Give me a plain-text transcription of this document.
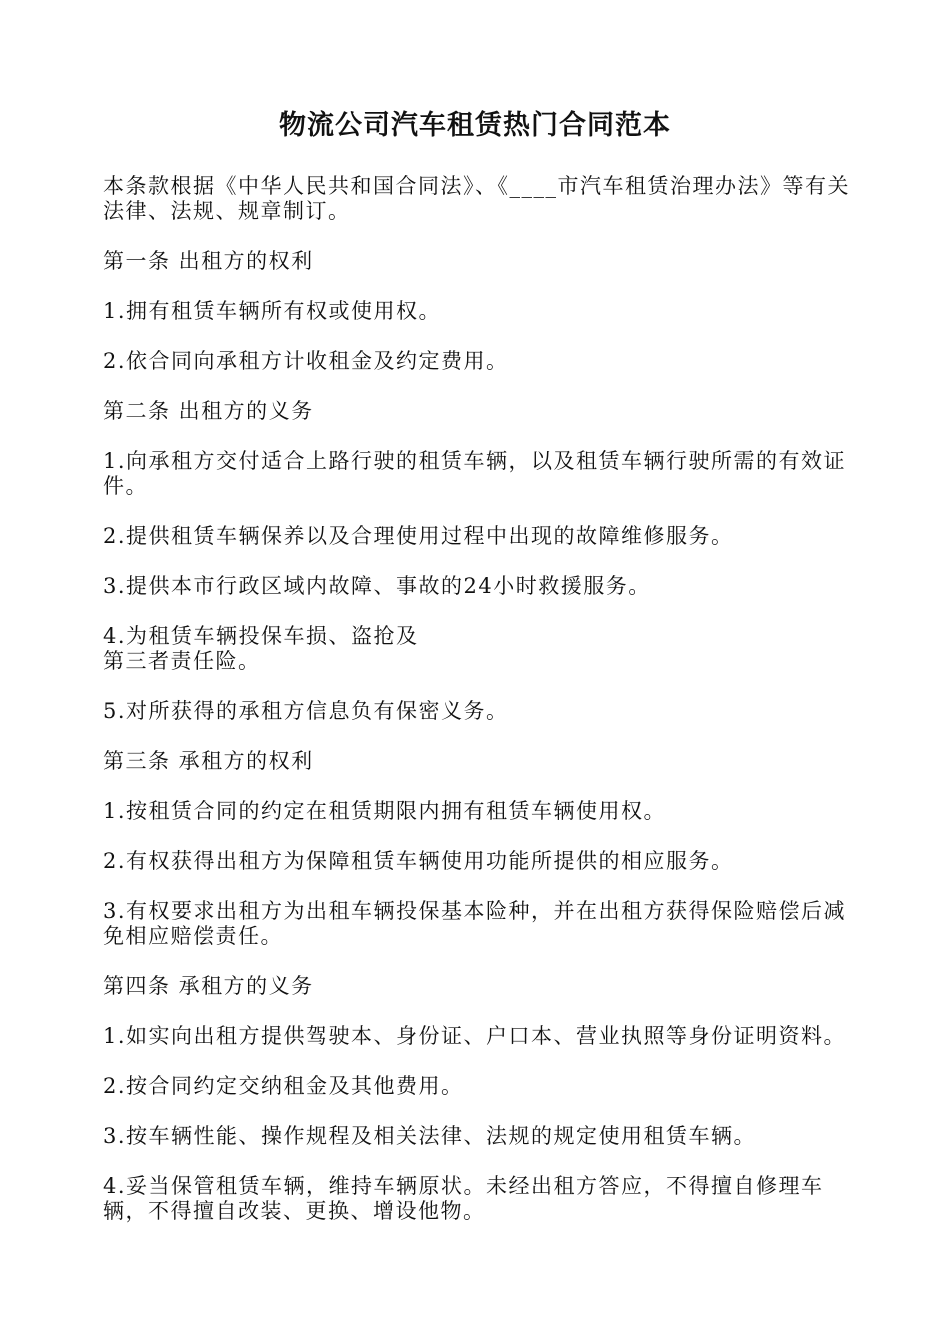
物流公司汽车租赁热门合同范本

本条款根据《中华人民共和国合同法》、《____市汽车租赁治理办法》等有关法律、法规、规章制订。

第一条 出租方的权利

1.拥有租赁车辆所有权或使用权。

2.依合同向承租方计收租金及约定费用。

第二条 出租方的义务

1.向承租方交付适合上路行驶的租赁车辆，以及租赁车辆行驶所需的有效证件。

2.提供租赁车辆保养以及合理使用过程中出现的故障维修服务。

3.提供本市行政区域内故障、事故的24小时救援服务。

4.为租赁车辆投保车损、盗抢及
第三者责任险。

5.对所获得的承租方信息负有保密义务。

第三条 承租方的权利

1.按租赁合同的约定在租赁期限内拥有租赁车辆使用权。

2.有权获得出租方为保障租赁车辆使用功能所提供的相应服务。

3.有权要求出租方为出租车辆投保基本险种，并在出租方获得保险赔偿后减免相应赔偿责任。

第四条 承租方的义务

1.如实向出租方提供驾驶本、身份证、户口本、营业执照等身份证明资料。

2.按合同约定交纳租金及其他费用。

3.按车辆性能、操作规程及相关法律、法规的规定使用租赁车辆。

4.妥当保管租赁车辆，维持车辆原状。未经出租方答应，不得擅自修理车辆，不得擅自改装、更换、增设他物。
